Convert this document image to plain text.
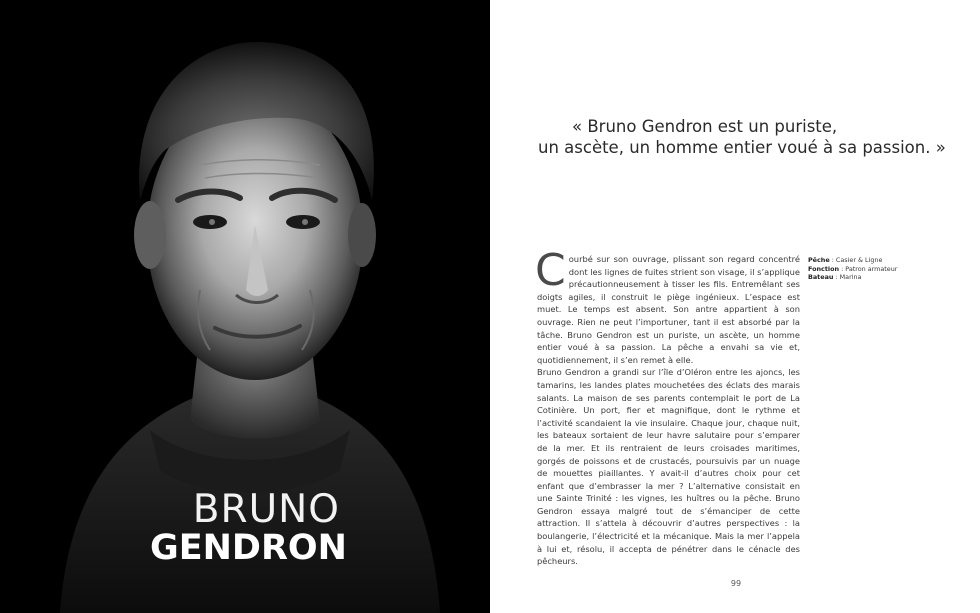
BRUNO
GENDRON
« Bruno Gendron est un puriste,
un ascète, un homme entier voué à sa passion. »

Courbé sur son ouvrage, plissant son regard concentré dont les lignes de fuites strient son visage, il s’applique précautionneusement à tisser les fils. Entremêlant ses doigts agiles, il construit le piège ingénieux. L’espace est muet. Le temps est absent. Son antre appartient à son ouvrage. Rien ne peut l’importuner, tant il est absorbé par la tâche. Bruno Gendron est un puriste, un ascète, un homme entier voué à sa passion. La pêche a envahi sa vie et, quotidiennement, il s’en remet à elle.

Bruno Gendron a grandi sur l’île d’Oléron entre les ajoncs, les tamarins, les landes plates mouchetées des éclats des marais salants. La maison de ses parents contemplait le port de La Cotinière. Un port, fier et magnifique, dont le rythme et l’activité scandaient la vie insulaire. Chaque jour, chaque nuit, les bateaux sortaient de leur havre salutaire pour s’emparer de la mer. Et ils rentraient de leurs croisades maritimes, gorgés de poissons et de crustacés, poursuivis par un nuage de mouettes piaillantes. Y avait-il d’autres choix pour cet enfant que d’embrasser la mer ? L’alternative consistait en une Sainte Trinité : les vignes, les huîtres ou la pêche. Bruno Gendron essaya malgré tout de s’émanciper de cette attraction. Il s’attela à découvrir d’autres perspectives : la boulangerie, l’électricité et la mécanique. Mais la mer l’appela à lui et, résolu, il accepta de pénétrer dans le cénacle des pêcheurs.

Pêche : Casier & Ligne
Fonction : Patron armateur
Bateau : Marina
99
